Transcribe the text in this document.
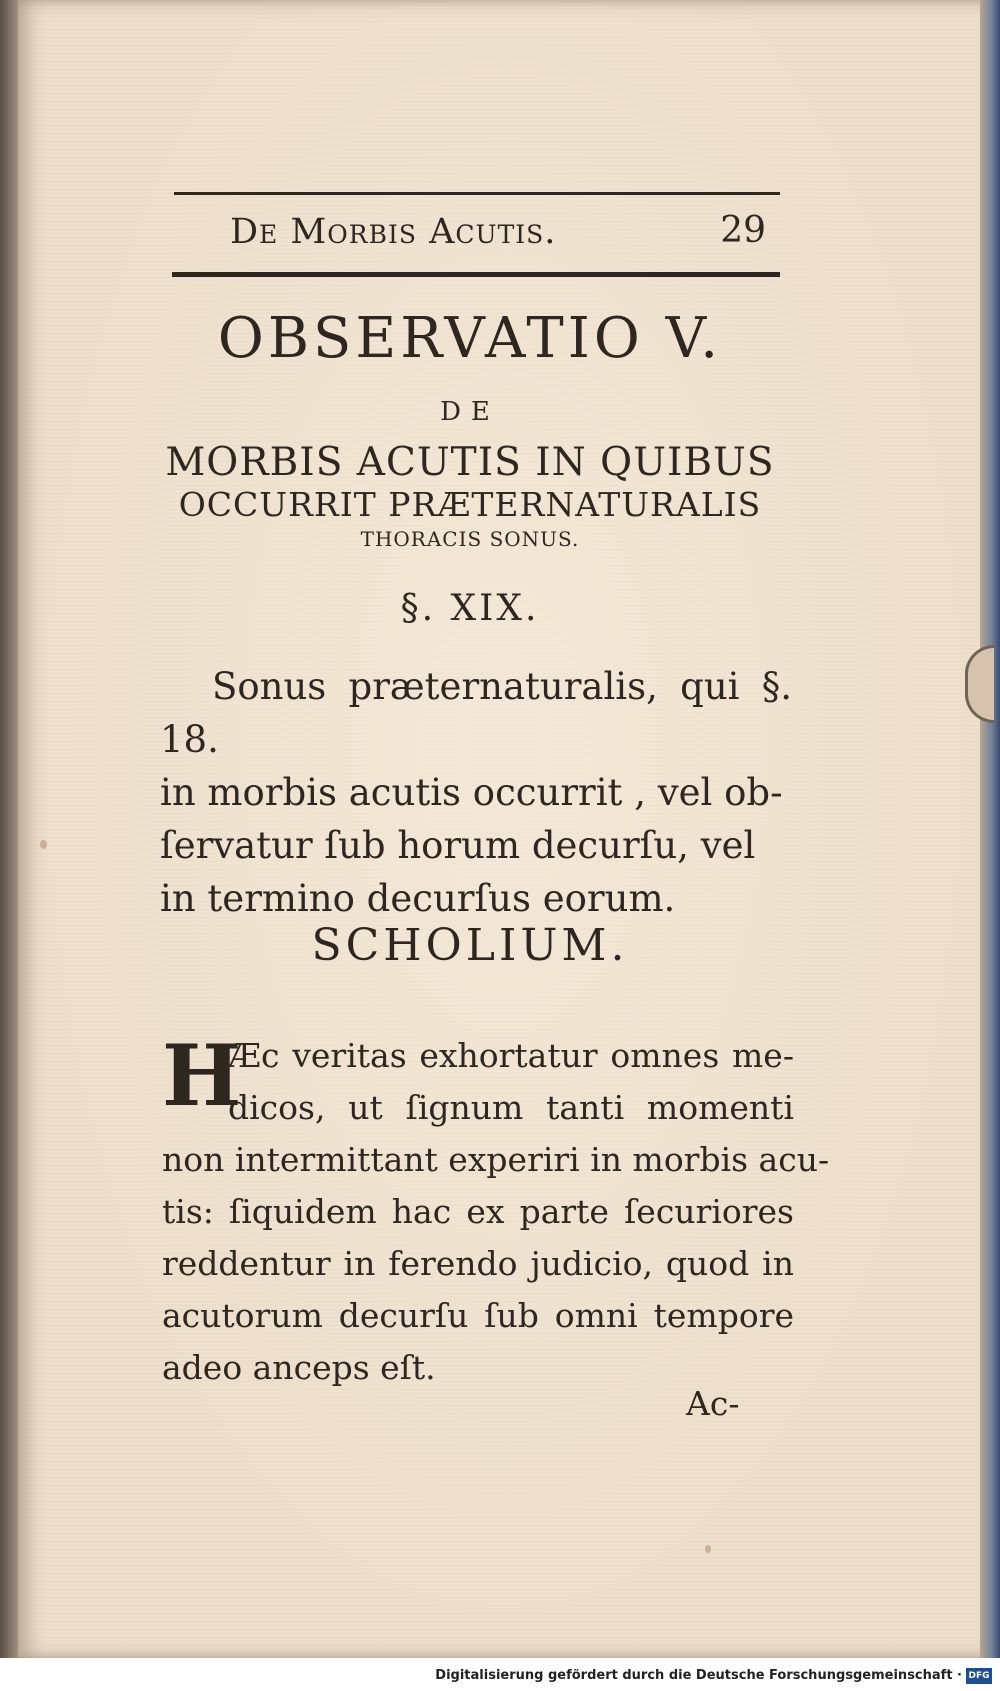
De Morbis Acutis.	29
OBSERVATIO V.
DE
MORBIS ACUTIS IN QUIBUS
OCCURRIT PRÆTERNATURALIS
THORACIS SONUS.
§. XIX.
Sonus præternaturalis, qui §. 18.
in morbis acutis occurrit , vel ob-
ſervatur ſub horum decurſu, vel
in termino decurſus eorum.
SCHOLIUM.
H
Æc veritas exhortatur omnes me-
dicos, ut ſignum tanti momenti
non intermittant experiri in morbis acu-
tis: ſiquidem hac ex parte ſecuriores
reddentur in ferendo judicio, quod in
acutorum decurſu ſub omni tempore
adeo anceps eſt.
Ac-
Digitalisierung gefördert durch die Deutsche Forschungsgemeinschaft · DFG
